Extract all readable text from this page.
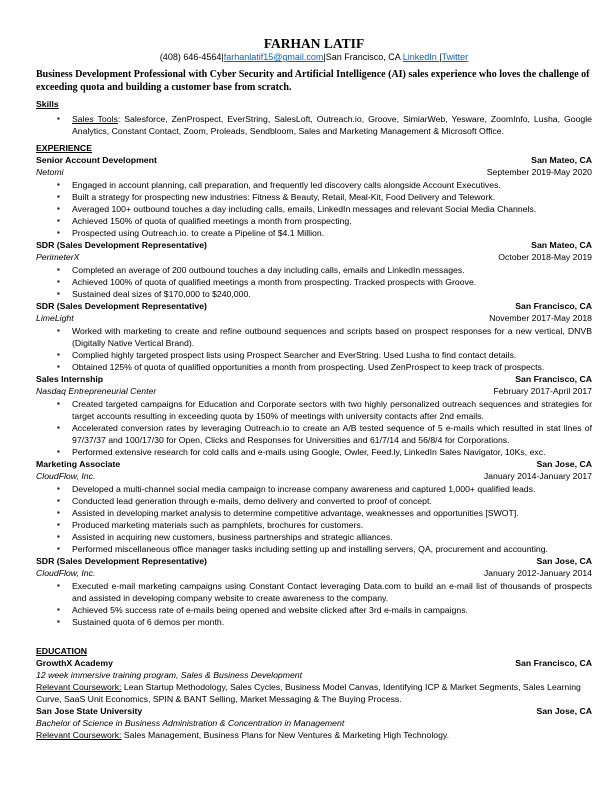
FARHAN LATIF
(408) 646-4564|farhanlatif15@gmail.com|San Francisco, CA LinkedIn |Twitter
Business Development Professional with Cyber Security and Artificial Intelligence (AI) sales experience who loves the challenge of exceeding quota and building a customer base from scratch.
Skills
▪ Sales Tools: Salesforce, ZenProspect, EverString, SalesLoft, Outreach.io, Groove, SimiarWeb, Yesware, ZoomInfo, Lusha, Google Analytics, Constant Contact, Zoom, Proleads, Sendbloom, Sales and Marketing Management & Microsoft Office.
EXPERIENCE
Senior Account Development	San Mateo, CA
Netomi	September 2019-May 2020
▪ Engaged in account planning, call preparation, and frequently led discovery calls alongside Account Executives.
▪ Built a strategy for prospecting new industries: Fitness & Beauty, Retail, Meal-Kit, Food Delivery and Telework.
▪ Averaged 100+ outbound touches a day including calls, emails, LinkedIn messages and relevant Social Media Channels.
▪ Achieved 150% of quota of qualified meetings a month from prospecting.
▪ Prospected using Outreach.io. to create a Pipeline of $4.1 Million.
SDR (Sales Development Representative)	San Mateo, CA
PerimeterX	October 2018-May 2019
▪ Completed an average of 200 outbound touches a day including calls, emails and LinkedIn messages.
▪ Achieved 100% of quota of qualified meetings a month from prospecting. Tracked prospects with Groove.
▪ Sustained deal sizes of $170,000 to $240,000.
SDR (Sales Development Representative)	San Francisco, CA
LimeLight	November 2017-May 2018
▪ Worked with marketing to create and refine outbound sequences and scripts based on prospect responses for a new vertical, DNVB (Digitally Native Vertical Brand).
▪ Complied highly targeted prospect lists using Prospect Searcher and EverString. Used Lusha to find contact details.
▪ Obtained 125% of quota of qualified opportunities a month from prospecting. Used ZenProspect to keep track of prospects.
Sales Internship	San Francisco, CA
Nasdaq Entrepreneurial Center	February 2017-April 2017
▪ Created targeted campaigns for Education and Corporate sectors with two highly personalized outreach sequences and strategies for target accounts resulting in exceeding quota by 150% of meetings with university contacts after 2nd emails.
▪ Accelerated conversion rates by leveraging Outreach.io to create an A/B tested sequence of 5 e-mails which resulted in stat lines of 97/37/37 and 100/17/30 for Open, Clicks and Responses for Universities and 61/7/14 and 56/8/4 for Corporations.
▪ Performed extensive research for cold calls and e-mails using Google, Owler, Feed.ly, LinkedIn Sales Navigator, 10Ks, exc.
Marketing Associate	San Jose, CA
CloudFlow, Inc.	January 2014-January 2017
▪ Developed a multi-channel social media campaign to increase company awareness and captured 1,000+ qualified leads.
▪ Conducted lead generation through e-mails, demo delivery and converted to proof of concept.
▪ Assisted in developing market analysis to determine competitive advantage, weaknesses and opportunities [SWOT].
▪ Produced marketing materials such as pamphlets, brochures for customers.
▪ Assisted in acquiring new customers, business partnerships and strategic alliances.
▪ Performed miscellaneous office manager tasks including setting up and installing servers, QA, procurement and accounting.
SDR (Sales Development Representative)	San Jose, CA
CloudFlow, Inc.	January 2012-January 2014
▪ Executed e-mail marketing campaigns using Constant Contact leveraging Data.com to build an e-mail list of thousands of prospects and assisted in developing company website to create awareness to the company.
▪ Achieved 5% success rate of e-mails being opened and website clicked after 3rd e-mails in campaigns.
▪ Sustained quota of 6 demos per month.
EDUCATION
GrowthX Academy	San Francisco, CA
12 week immersive training program, Sales & Business Development
Relevant Coursework: Lean Startup Methodology, Sales Cycles, Business Model Canvas, Identifying ICP & Market Segments, Sales Learning Curve, SaaS Unit Economics, SPIN & BANT Selling, Market Messaging & The Buying Process.
San Jose State University	San Jose, CA
Bachelor of Science in Business Administration & Concentration in Management
Relevant Coursework: Sales Management, Business Plans for New Ventures & Marketing High Technology.
